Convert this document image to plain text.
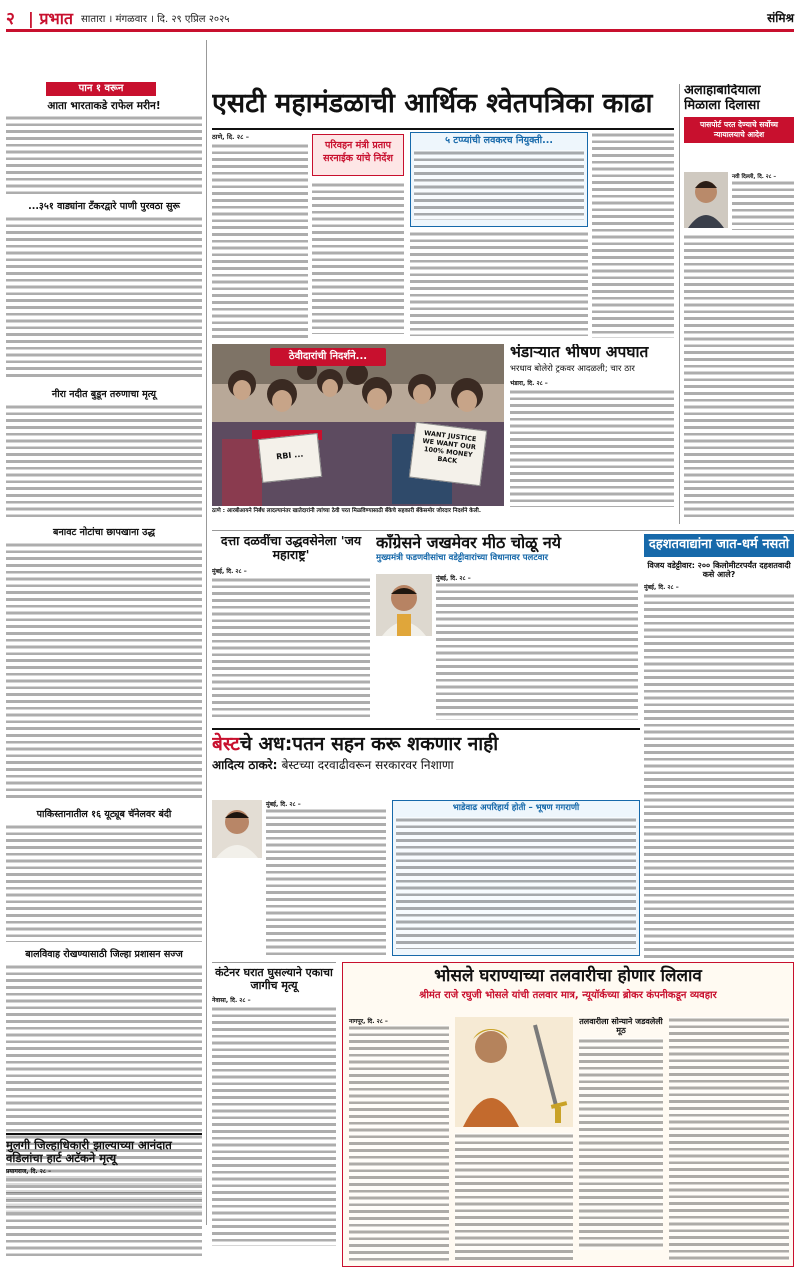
२ | प्रभात सातारा । मंगळवार । दि. २९ एप्रिल २०२५	संमिश्र
पान १ वरून
आता भारताकडे राफेल मरीन!
...३५१ वाड्यांना टँकरद्वारे पाणी पुरवठा सुरू
नीरा नदीत बुडून तरुणाचा मृत्यू
बनावट नोटांचा छापखाना उद्ध
पाकिस्तानातील १६ यूट्यूब चॅनेलवर बंदी
बालविवाह रोखण्यासाठी जिल्हा प्रशासन सज्ज
मुलगी जिल्हाधिकारी झाल्याच्या आनंदात वडिलांचा हार्ट अटॅकने मृत्यू
प्रयागराज, दि. २८ –
एसटी महामंडळाची आर्थिक श्वेतपत्रिका काढा
ठाणे, दि. २८ –
परिवहन मंत्री प्रताप सरनाईक यांचे निर्देश
५ टप्प्यांची लवकरच नियुक्ती...
ठेवीदारांची निदर्शने...
RBI ...
WANT JUSTICE WE WANT OUR 100% MONEY BACK
ठाणे : आरबीआयने निर्बंध लादल्यानंतर खातेदारांनी त्यांच्या ठेवी परत मिळविण्यासाठी बँकेचे सहकारी बँकेसमोर जोरदार निदर्शने केली.
भंडाऱ्यात भीषण अपघात
भरधाव बोलेरो ट्रकवर आदळली; चार ठार
भंडारा, दि. २८ –
अलाहाबादियाला मिळाला दिलासा
पासपोर्ट परत देण्याचे सर्वोच्च न्यायालयाचे आदेश
नवी दिल्ली, दि. २८ –
दत्ता दळवींचा उद्धवसेनेला 'जय महाराष्ट्र'
मुंबई, दि. २८ –
काँग्रेसने जखमेवर मीठ चोळू नये
मुख्यमंत्री फडणवीसांचा वडेट्टीवारांच्या विधानावर पलटवार
मुंबई, दि. २८ –
दहशतवाद्यांना जात-धर्म नसतो
विजय वडेट्टीवार: २०० किलोमीटरपर्यंत दहशतवादी कसे आले?
मुंबई, दि. २८ –
बेस्टचे अध:पतन सहन करू शकणार नाही
आदित्य ठाकरे: बेस्टच्या दरवाढीवरून सरकारवर निशाणा
मुंबई, दि. २८ –	भाडेवाढ अपरिहार्य होती – भूषण गगराणी
कंटेनर घरात घुसल्याने एकाचा जागीच मृत्यू
नेवासा, दि. २८ –
भोसले घराण्याच्या तलवारीचा होणार लिलाव
श्रीमंत राजे रघुजी भोसले यांची तलवार मात्र, न्यूयॉर्कच्या ब्रोकर कंपनीकडून व्यवहार
नागपूर, दि. २८ –	तलवारीला सोन्याने जडवलेली मूठ
